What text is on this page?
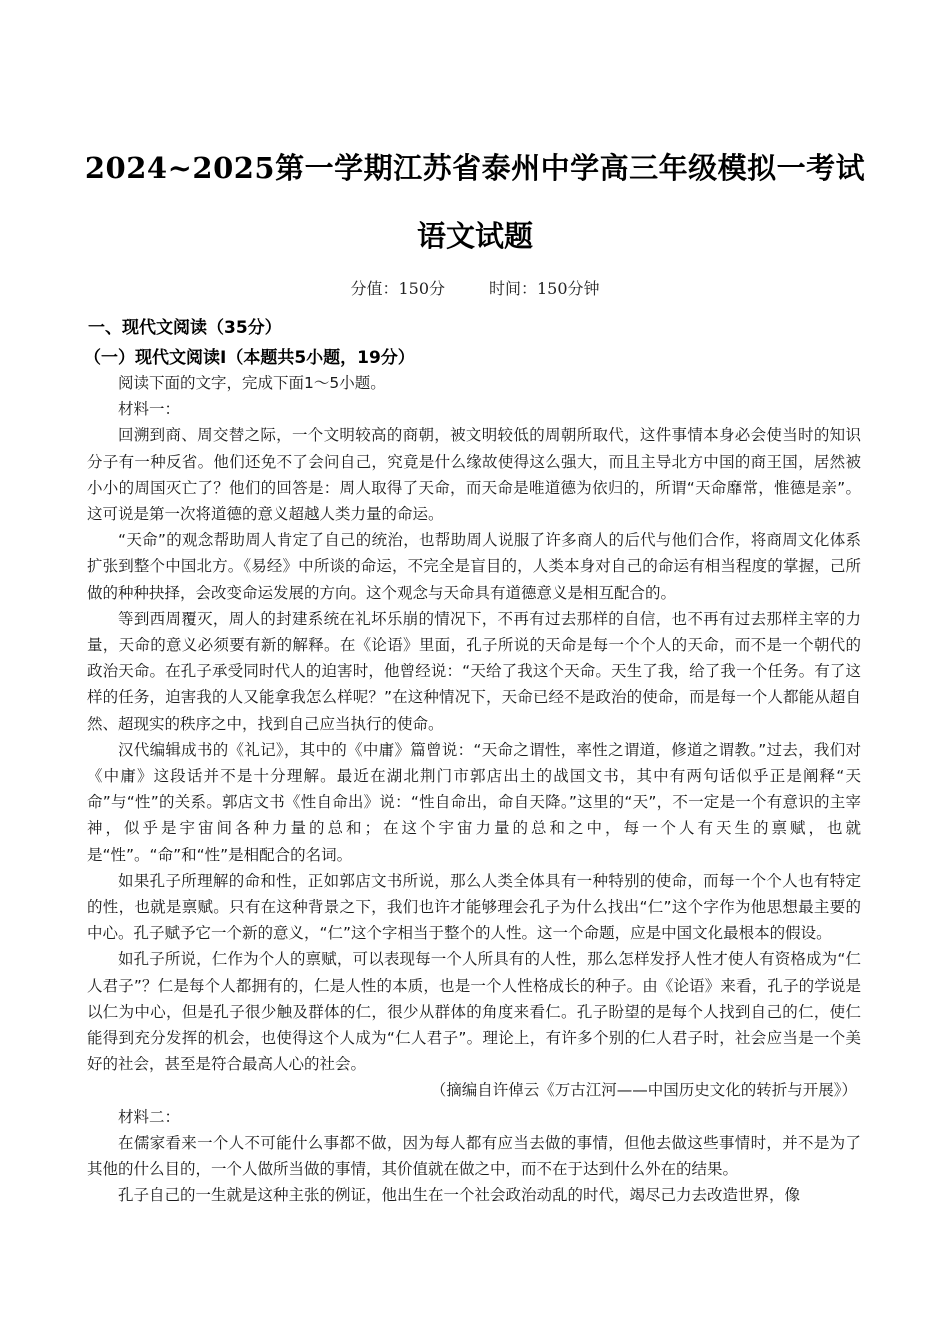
2024~2025第一学期江苏省泰州中学高三年级模拟一考试
语文试题
分值：150分	时间：150分钟
一、现代文阅读（35分）
（一）现代文阅读Ⅰ（本题共5小题，19分）

阅读下面的文字，完成下面1～5小题。

材料一：

回溯到商、周交替之际，一个文明较高的商朝，被文明较低的周朝所取代，这件事情本身必会使当时的知识分子有一种反省。他们还免不了会问自己，究竟是什么缘故使得这么强大，而且主导北方中国的商王国，居然被小小的周国灭亡了？他们的回答是：周人取得了天命，而天命是唯道德为依归的，所谓“天命靡常，惟德是亲”。这可说是第一次将道德的意义超越人类力量的命运。

“天命”的观念帮助周人肯定了自己的统治，也帮助周人说服了许多商人的后代与他们合作，将商周文化体系扩张到整个中国北方。《易经》中所谈的命运，不完全是盲目的，人类本身对自己的命运有相当程度的掌握，己所做的种种抉择，会改变命运发展的方向。这个观念与天命具有道德意义是相互配合的。

等到西周覆灭，周人的封建系统在礼坏乐崩的情况下，不再有过去那样的自信，也不再有过去那样主宰的力量，天命的意义必须要有新的解释。在《论语》里面，孔子所说的天命是每一个个人的天命，而不是一个朝代的政治天命。在孔子承受同时代人的迫害时，他曾经说：“天给了我这个天命。天生了我，给了我一个任务。有了这样的任务，迫害我的人又能拿我怎么样呢？”在这种情况下，天命已经不是政治的使命，而是每一个人都能从超自然、超现实的秩序之中，找到自己应当执行的使命。

汉代编辑成书的《礼记》，其中的《中庸》篇曾说：“天命之谓性，率性之谓道，修道之谓教。”过去，我们对《中庸》这段话并不是十分理解。最近在湖北荆门市郭店出土的战国文书，其中有两句话似乎正是阐释“天命”与“性”的关系。郭店文书《性自命出》说：“性自命出，命自天降。”这里的“天”，不一定是一个有意识的主宰神，似乎是宇宙间各种力量的总和；在这个宇宙力量的总和之中，每一个人有天生的禀赋，也就是“性”。“命”和“性”是相配合的名词。

如果孔子所理解的命和性，正如郭店文书所说，那么人类全体具有一种特别的使命，而每一个个人也有特定的性，也就是禀赋。只有在这种背景之下，我们也许才能够理会孔子为什么找出“仁”这个字作为他思想最主要的中心。孔子赋予它一个新的意义，“仁”这个字相当于整个的人性。这一个命题，应是中国文化最根本的假设。

如孔子所说，仁作为个人的禀赋，可以表现每一个人所具有的人性，那么怎样发抒人性才使人有资格成为“仁人君子”？仁是每个人都拥有的，仁是人性的本质，也是一个人性格成长的种子。由《论语》来看，孔子的学说是以仁为中心，但是孔子很少触及群体的仁，很少从群体的角度来看仁。孔子盼望的是每个人找到自己的仁，使仁能得到充分发挥的机会，也使得这个人成为“仁人君子”。理论上，有许多个别的仁人君子时，社会应当是一个美好的社会，甚至是符合最高人心的社会。

（摘编自许倬云《万古江河——中国历史文化的转折与开展》）

材料二：

在儒家看来一个人不可能什么事都不做，因为每人都有应当去做的事情，但他去做这些事情时，并不是为了其他的什么目的，一个人做所当做的事情，其价值就在做之中，而不在于达到什么外在的结果。

孔子自己的一生就是这种主张的例证，他出生在一个社会政治动乱的时代，竭尽己力去改造世界，像
